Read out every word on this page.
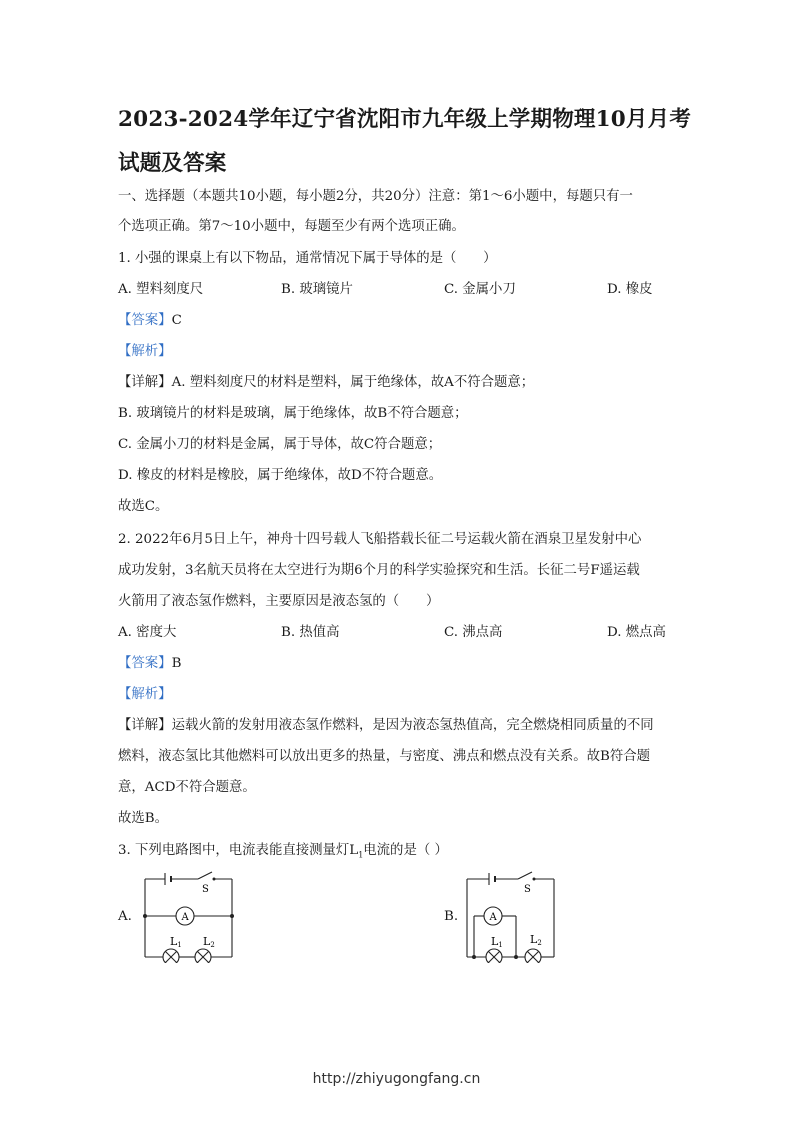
2023-2024学年辽宁省沈阳市九年级上学期物理10月月考试题及答案
一、选择题（本题共10小题，每小题2分，共20分）注意：第1～6小题中，每题只有一
个选项正确。第7～10小题中，每题至少有两个选项正确。
1. 小强的课桌上有以下物品，通常情况下属于导体的是（　　）
A. 塑料刻度尺	B. 玻璃镜片	C. 金属小刀	D. 橡皮
【答案】C
【解析】
【详解】A. 塑料刻度尺的材料是塑料，属于绝缘体，故A不符合题意；
B. 玻璃镜片的材料是玻璃，属于绝缘体，故B不符合题意；
C. 金属小刀的材料是金属，属于导体，故C符合题意；
D. 橡皮的材料是橡胶，属于绝缘体，故D不符合题意。
故选C。
2. 2022年6月5日上午，神舟十四号载人飞船搭载长征二号运载火箭在酒泉卫星发射中心
成功发射，3名航天员将在太空进行为期6个月的科学实验探究和生活。长征二号F遥运载
火箭用了液态氢作燃料，主要原因是液态氢的（　　）
A. 密度大	B. 热值高	C. 沸点高	D. 燃点高
【答案】B
【解析】
【详解】运载火箭的发射用液态氢作燃料，是因为液态氢热值高，完全燃烧相同质量的不同
燃料，液态氢比其他燃料可以放出更多的热量，与密度、沸点和燃点没有关系。故B符合题
意，ACD不符合题意。
故选B。
3. 下列电路图中，电流表能直接测量灯$L_1$电流的是（ ）
A.	B.
S
A
L1 L2
S
A
L1 L2
http://zhiyugongfang.cn
